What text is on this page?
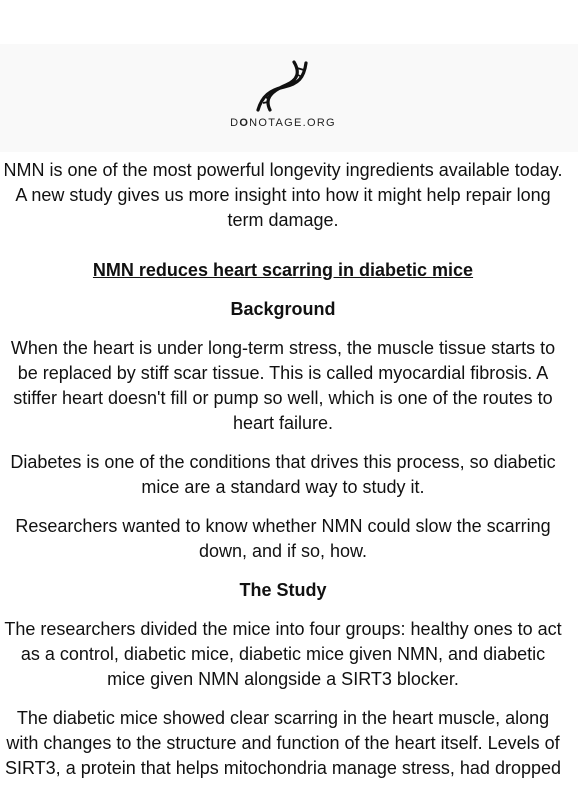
DONOTAGE.ORG

NMN is one of the most powerful longevity ingredients available today. A new study gives us more insight into how it might help repair long term damage.

NMN reduces heart scarring in diabetic mice

Background

When the heart is under long-term stress, the muscle tissue starts to be replaced by stiff scar tissue. This is called myocardial fibrosis. A stiffer heart doesn't fill or pump so well, which is one of the routes to heart failure.

Diabetes is one of the conditions that drives this process, so diabetic mice are a standard way to study it.

Researchers wanted to know whether NMN could slow the scarring down, and if so, how.

The Study

The researchers divided the mice into four groups: healthy ones to act as a control, diabetic mice, diabetic mice given NMN, and diabetic mice given NMN alongside a SIRT3 blocker.

The diabetic mice showed clear scarring in the heart muscle, along with changes to the structure and function of the heart itself. Levels of SIRT3, a protein that helps mitochondria manage stress, had dropped
